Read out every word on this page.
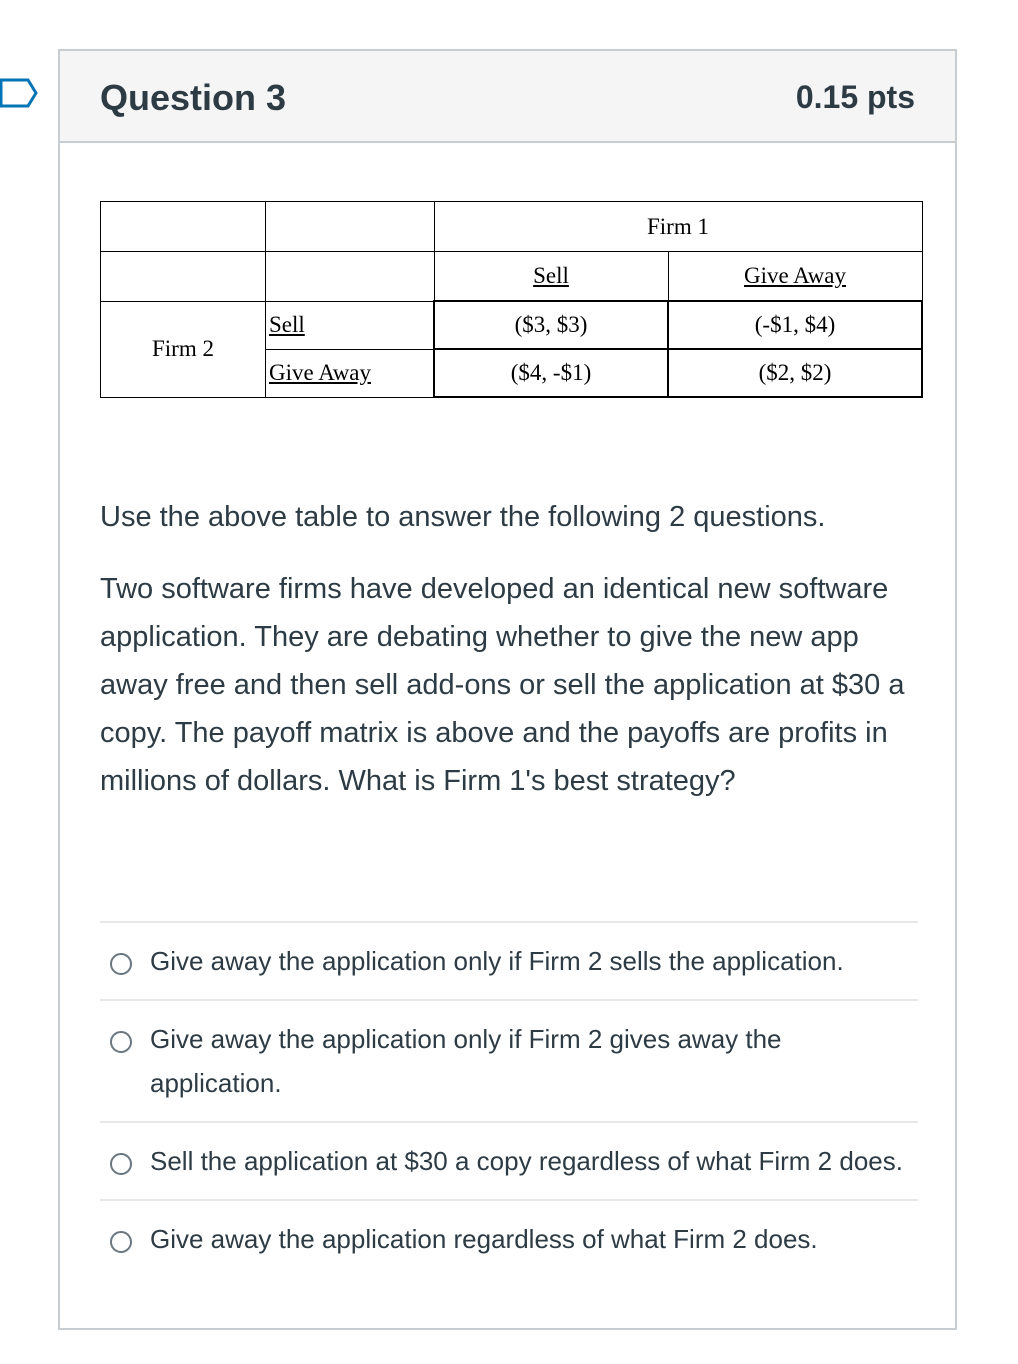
Question 3	0.15 pts
		Firm 1	
		Sell	Give Away
Firm 2	Sell	($3, $3)	(-$1, $4)
	Give Away	($4, -$1)	($2, $2)

Use the above table to answer the following 2 questions.

Two software firms have developed an identical new software application. They are debating whether to give the new app away free and then sell add-ons or sell the application at $30 a copy. The payoff matrix is above and the payoffs are profits in millions of dollars. What is Firm 1's best strategy?

Give away the application only if Firm 2 sells the application.
Give away the application only if Firm 2 gives away the application.
Sell the application at $30 a copy regardless of what Firm 2 does.
Give away the application regardless of what Firm 2 does.
